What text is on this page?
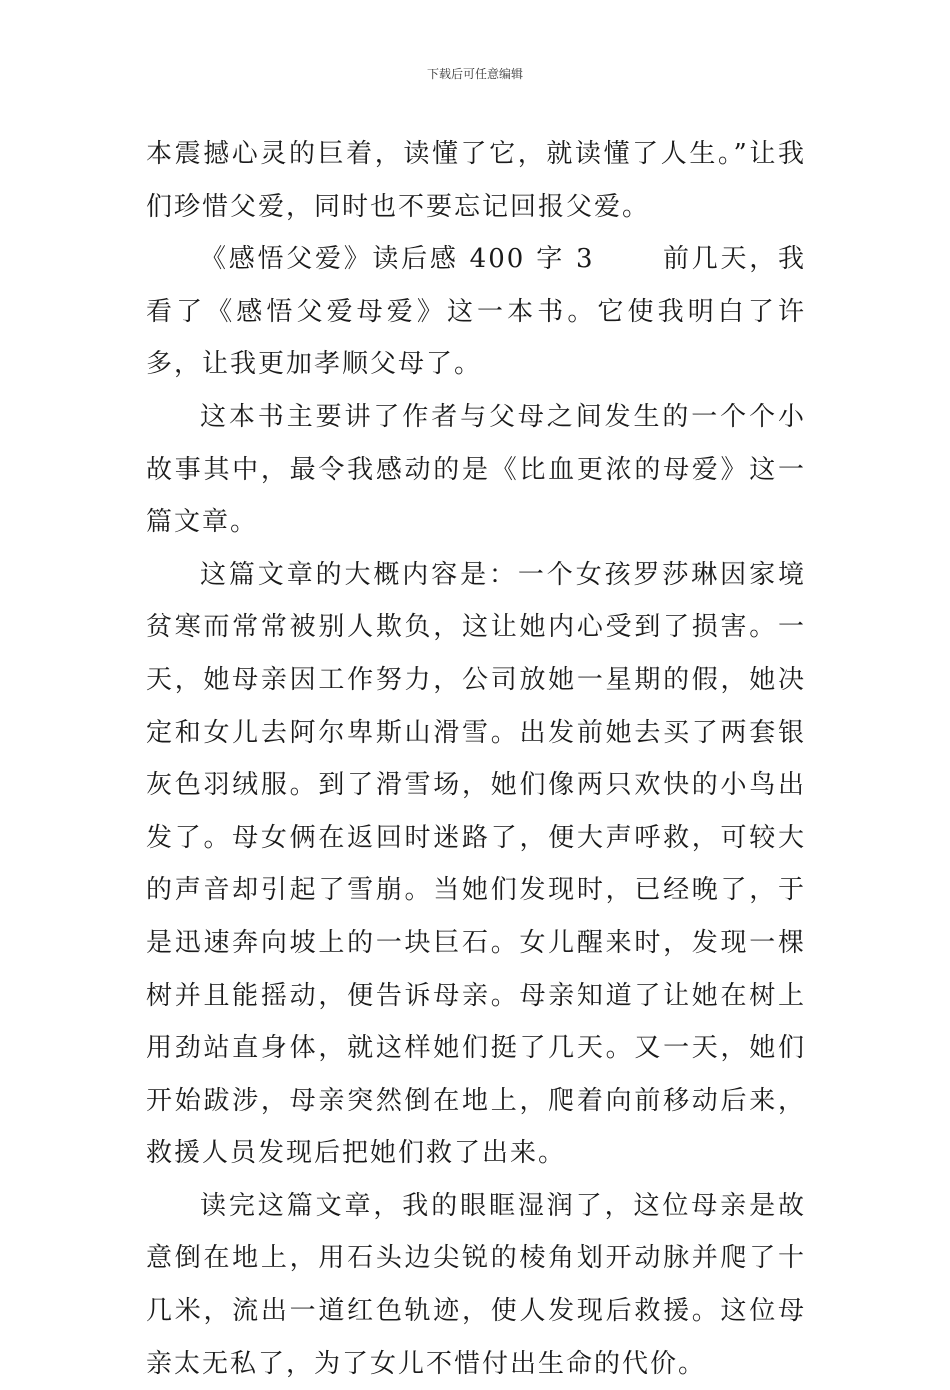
下载后可任意编辑

本震撼心灵的巨着，读懂了它，就读懂了人生。”让我们珍惜父爱，同时也不要忘记回报父爱。

《感悟父爱》读后感 400 字 3 　　前几天，我看了《感悟父爱母爱》这一本书。它使我明白了许多，让我更加孝顺父母了。

这本书主要讲了作者与父母之间发生的一个个小故事其中，最令我感动的是《比血更浓的母爱》这一篇文章。

这篇文章的大概内容是：一个女孩罗莎琳因家境贫寒而常常被别人欺负，这让她内心受到了损害。一天，她母亲因工作努力，公司放她一星期的假，她决定和女儿去阿尔卑斯山滑雪。出发前她去买了两套银灰色羽绒服。到了滑雪场，她们像两只欢快的小鸟出发了。母女俩在返回时迷路了，便大声呼救，可较大的声音却引起了雪崩。当她们发现时，已经晚了，于是迅速奔向坡上的一块巨石。女儿醒来时，发现一棵树并且能摇动，便告诉母亲。母亲知道了让她在树上用劲站直身体，就这样她们挺了几天。又一天，她们开始跋涉，母亲突然倒在地上，爬着向前移动后来，救援人员发现后把她们救了出来。

读完这篇文章，我的眼眶湿润了，这位母亲是故意倒在地上，用石头边尖锐的棱角划开动脉并爬了十几米，流出一道红色轨迹，使人发现后救援。这位母亲太无私了，为了女儿不惜付出生命的代价。
